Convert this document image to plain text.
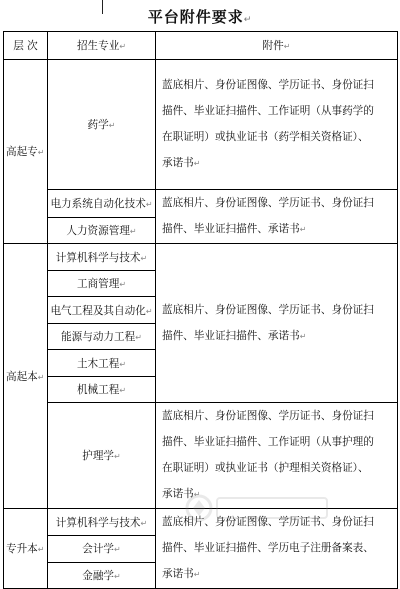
平台附件要求↵
层 次	招生专业↵	附件↵
高起专↵	药学↵	蓝底相片、身份证图像、学历证书、身份证扫
描件、毕业证扫描件、工作证明（从事药学的
在职证明）或执业证书（药学相关资格证）、
承诺书↵

	电力系统自动化技术↵	蓝底相片、身份证图像、学历证书、身份证扫
描件、毕业证扫描件、承诺书↵

	人力资源管理↵	
高起本↵	计算机科学与技术↵	蓝底相片、身份证图像、学历证书、身份证扫
描件、毕业证扫描件、承诺书↵

	工商管理↵	
	电气工程及其自动化↵	
	能源与动力工程↵	
	土木工程↵	
	机械工程↵	
	护理学↵	蓝底相片、身份证图像、学历证书、身份证扫
描件、毕业证扫描件、工作证明（从事护理的
在职证明）或执业证书（护理相关资格证）、
承诺书↵

专升本↵	计算机科学与技术↵	蓝底相片、身份证图像、学历证书、身份证扫
描件、毕业证扫描件、学历电子注册备案表、
承诺书↵

	会计学↵	
	金融学↵	
